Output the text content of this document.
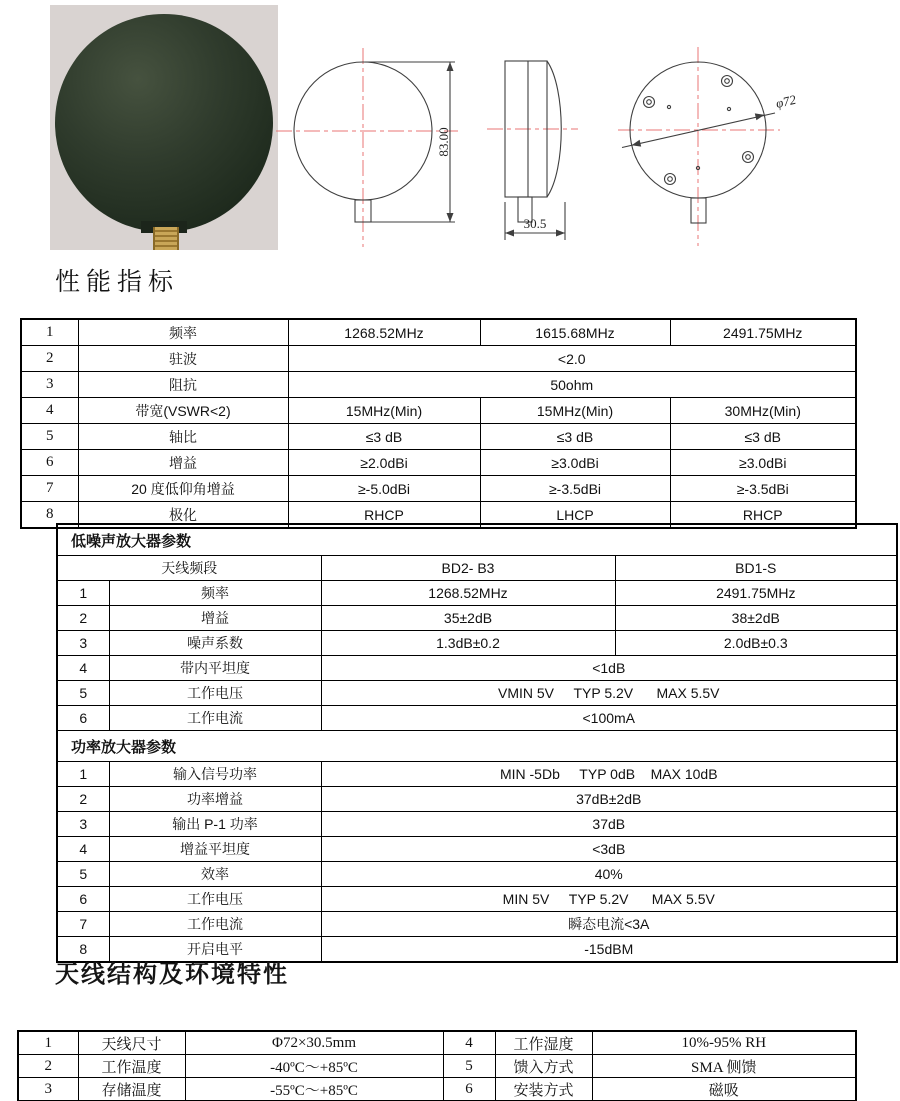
83.00
30.5
φ72
性能指标
1	频率	1268.52MHz	1615.68MHz	2491.75MHz
2	驻波	<2.0		
3	阻抗	50ohm		
4	带宽(VSWR<2)	15MHz(Min)	15MHz(Min)	30MHz(Min)
5	轴比	≤3 dB	≤3 dB	≤3 dB
6	增益	≥2.0dBi	≥3.0dBi	≥3.0dBi
7	20 度低仰角增益	≥-5.0dBi	≥-3.5dBi	≥-3.5dBi
8	极化	RHCP	LHCP	RHCP
低噪声放大器参数			
天线频段		BD2- B3	BD1-S
1	频率	1268.52MHz	2491.75MHz
2	增益	35±2dB	38±2dB
3	噪声系数	1.3dB±0.2	2.0dB±0.3
4	带内平坦度	<1dB	
5	工作电压	VMIN 5V     TYP 5.2V      MAX 5.5V	
6	工作电流	<100mA	
功率放大器参数			
1	输入信号功率	MIN -5Db     TYP 0dB    MAX 10dB	
2	功率增益	37dB±2dB	
3	输出 P-1 功率	37dB	
4	增益平坦度	<3dB	
5	效率	40%	
6	工作电压	MIN 5V     TYP 5.2V      MAX 5.5V	
7	工作电流	瞬态电流<3A	
8	开启电平	-15dBM	
天线结构及环境特性
1	天线尺寸	Φ72×30.5mm	4	工作湿度	10%-95% RH
2	工作温度	-40ºC～+85ºC	5	馈入方式	SMA 侧馈
3	存储温度	-55ºC～+85ºC	6	安装方式	磁吸
